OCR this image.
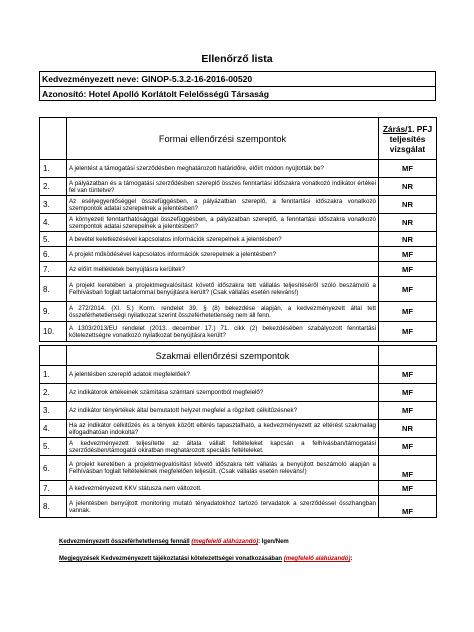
Ellenőrző lista
Kedvezményezett neve: GINOP-5.3.2-16-2016-00520
Azonosító: Hotel Apolló Korlátolt Felelősségű Társaság
	Formai ellenőrzési szempontok	Zárás/1. PFJ
teljesítés
vizsgálat
1.	A jelentést a támogatási szerződésben meghatározott határidőre, előírt módon nyújtották be?	MF
2.	A pályázatban és a támogatási szerződésben szereplő összes fenntartási időszakra vonatkozó indikátor értékei fel van tüntetve?	NR
3.	Az esélyegyenlőséggel összefüggésben, a pályázatban szereplő, a fenntartási időszakra vonatkozó szempontok adatai szerepelnek a jelentésben?	NR
4.	A környezeti fenntarthatósággal összefüggésben, a pályázatban szereplő, a fenntartási időszakra vonatkozó szempontok adatai szerepelnek a jelentésben?	NR
5.	A bevétel keletkezésével kapcsolatos információk szerepelnek a jelentésben?	NR
6.	A projekt működésével kapcsolatos információk szerepelnek a jelentésben?	MF
7.	Az előírt mellékletek benyújtásra kerültek?	MF
8.	A projekt keretében a projektmegvalósítást követő időszakra tett vállalás teljesítéséről szóló beszámoló a Felhívásban foglalt tartalommal benyújtásra került? (Csak vállalás esetén releváns!)	MF
9.	A 272/2014. (XI. 5.) Korm. rendelet 39. § (8) bekezdése alapján, a kedvezményezett által tett összeférhetetlenségi nyilatkozat szerint összeférhetetlenség nem áll fenn.	MF
10.	A 1303/2013/EU rendelet (2013. december 17.) 71. cikk (2) bekezdésében szabályozott fenntartási kötelezettségre vonatkozó nyilatkozat benyújtásra került?	MF

	Szakmai ellenőrzési szempontok	
1.	A jelentésben szereplő adatok megfelelőek?	MF
2.	Az indikátorok értékeinek számítása számtani szempontból megfelelő?	MF
3.	Az indikátor tényértékek által bemutatott helyzet megfelel a rögzített célkitűzésnek?	MF
4.	Ha az indikátor célkitűzés és a tények között eltérés tapasztalható, a kedvezményezett az eltérést szakmailag elfogadhatóan indokolta?	NR
5.	A kedvezményezett teljesítette az általa vállalt feltételeket kapcsán a felhívásban/támogatási szerződésben/támogatói okiratban meghatározott speciális feltételeket.	MF
6.	A projekt keretében a projektmegvalósítást követő időszakra tett vállalás a benyújtott beszámoló alapján a Felhívásban foglalt feltételeknek megfelelően teljesült. (Csak vállalás esetén releváns!)	MF
7.	A kedvezményezett KKV státusza nem változott.	MF
8.	A jelentésben benyújtott monitoring mutató tényadatokhoz tartozó tervadatok a szerződéssel összhangban vannak.	MF
Kedvezményezett összeférhetetlenség fennáll (megfelelő aláhúzandó): Igen/Nem
Megjegyzések Kedvezményezett tájékoztatási kötelezettségei vonatkozásában (megfelelő aláhúzandó):
